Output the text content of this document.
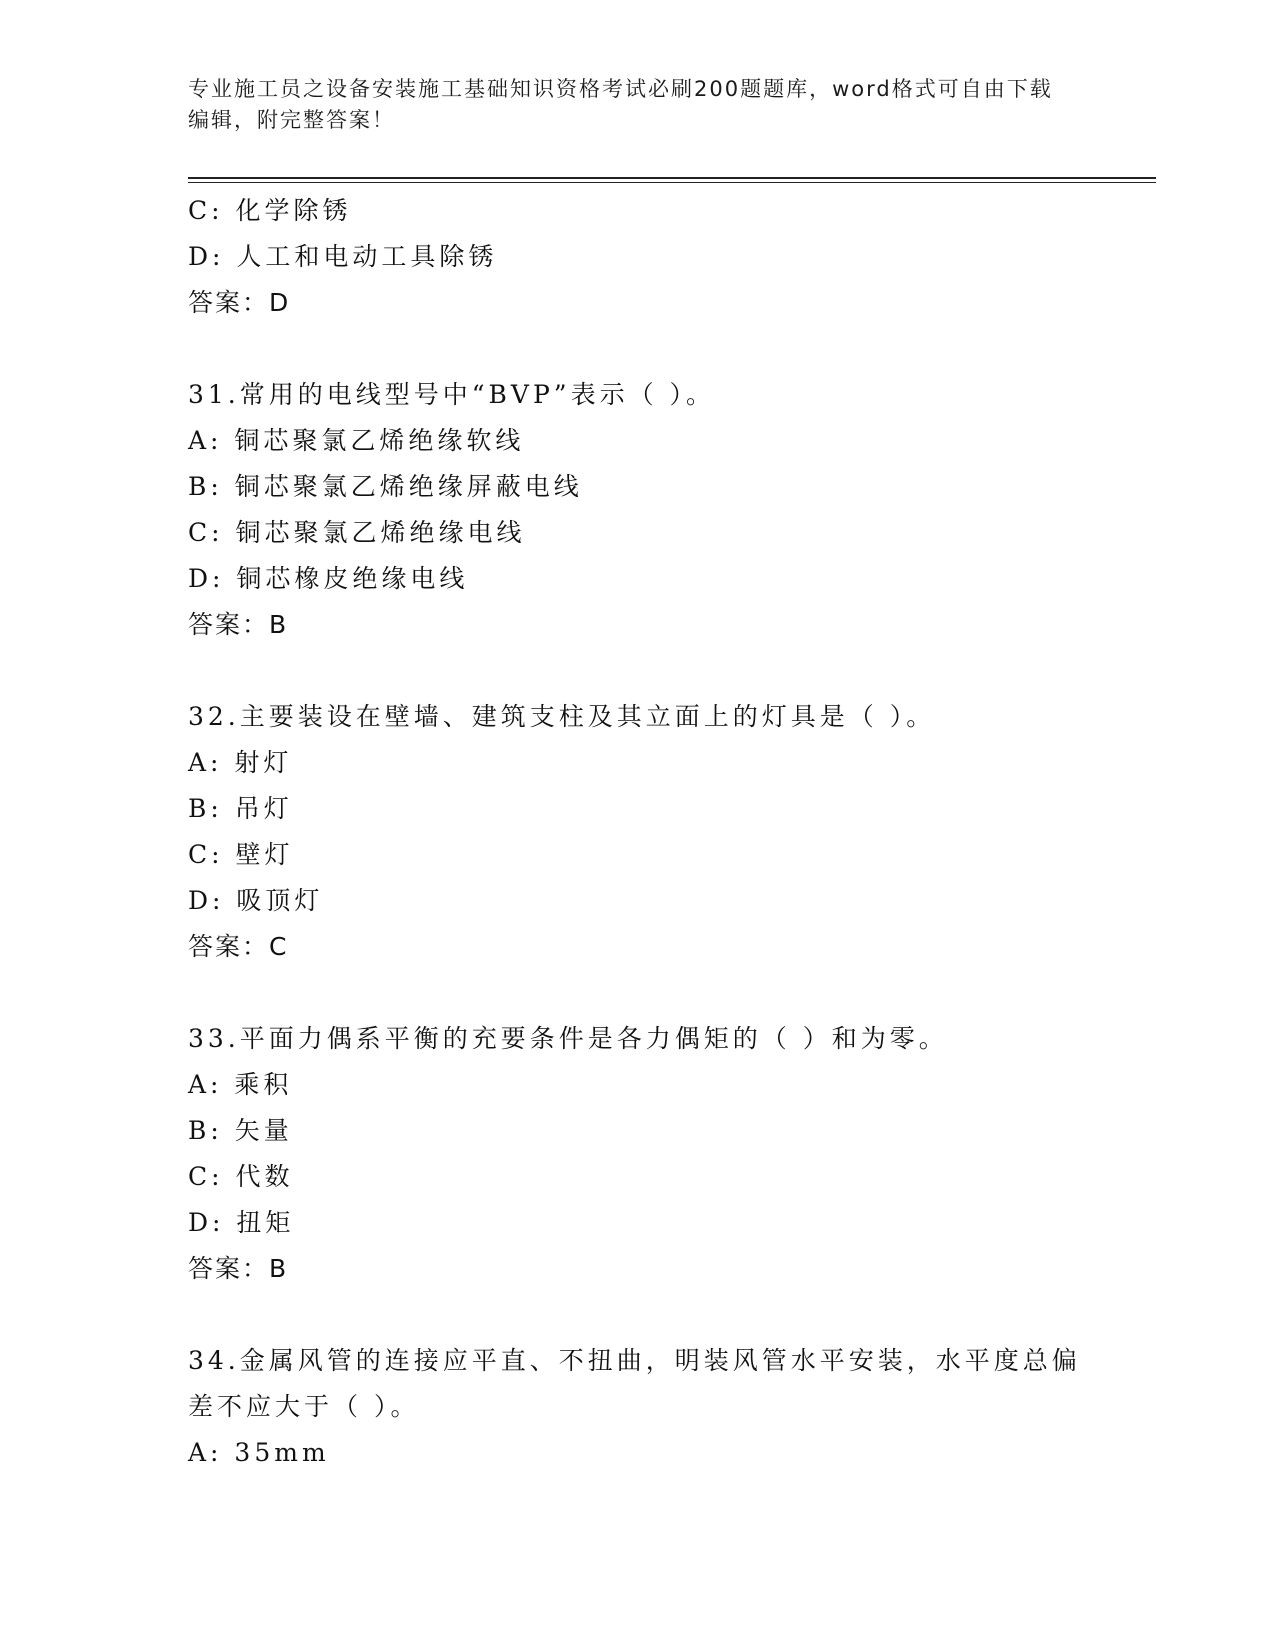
专业施工员之设备安装施工基础知识资格考试必刷200题题库，word格式可自由下载编辑，附完整答案！
C: 化学除锈
D: 人工和电动工具除锈
答案：D
31.常用的电线型号中“BVP”表示（ ）。
A: 铜芯聚氯乙烯绝缘软线
B: 铜芯聚氯乙烯绝缘屏蔽电线
C: 铜芯聚氯乙烯绝缘电线
D: 铜芯橡皮绝缘电线
答案：B
32.主要装设在壁墙、建筑支柱及其立面上的灯具是（ ）。
A: 射灯
B: 吊灯
C: 壁灯
D: 吸顶灯
答案：C
33.平面力偶系平衡的充要条件是各力偶矩的（ ）和为零。
A: 乘积
B: 矢量
C: 代数
D: 扭矩
答案：B
34.金属风管的连接应平直、不扭曲，明装风管水平安装，水平度总偏差不应大于（ ）。
A: 35mm
